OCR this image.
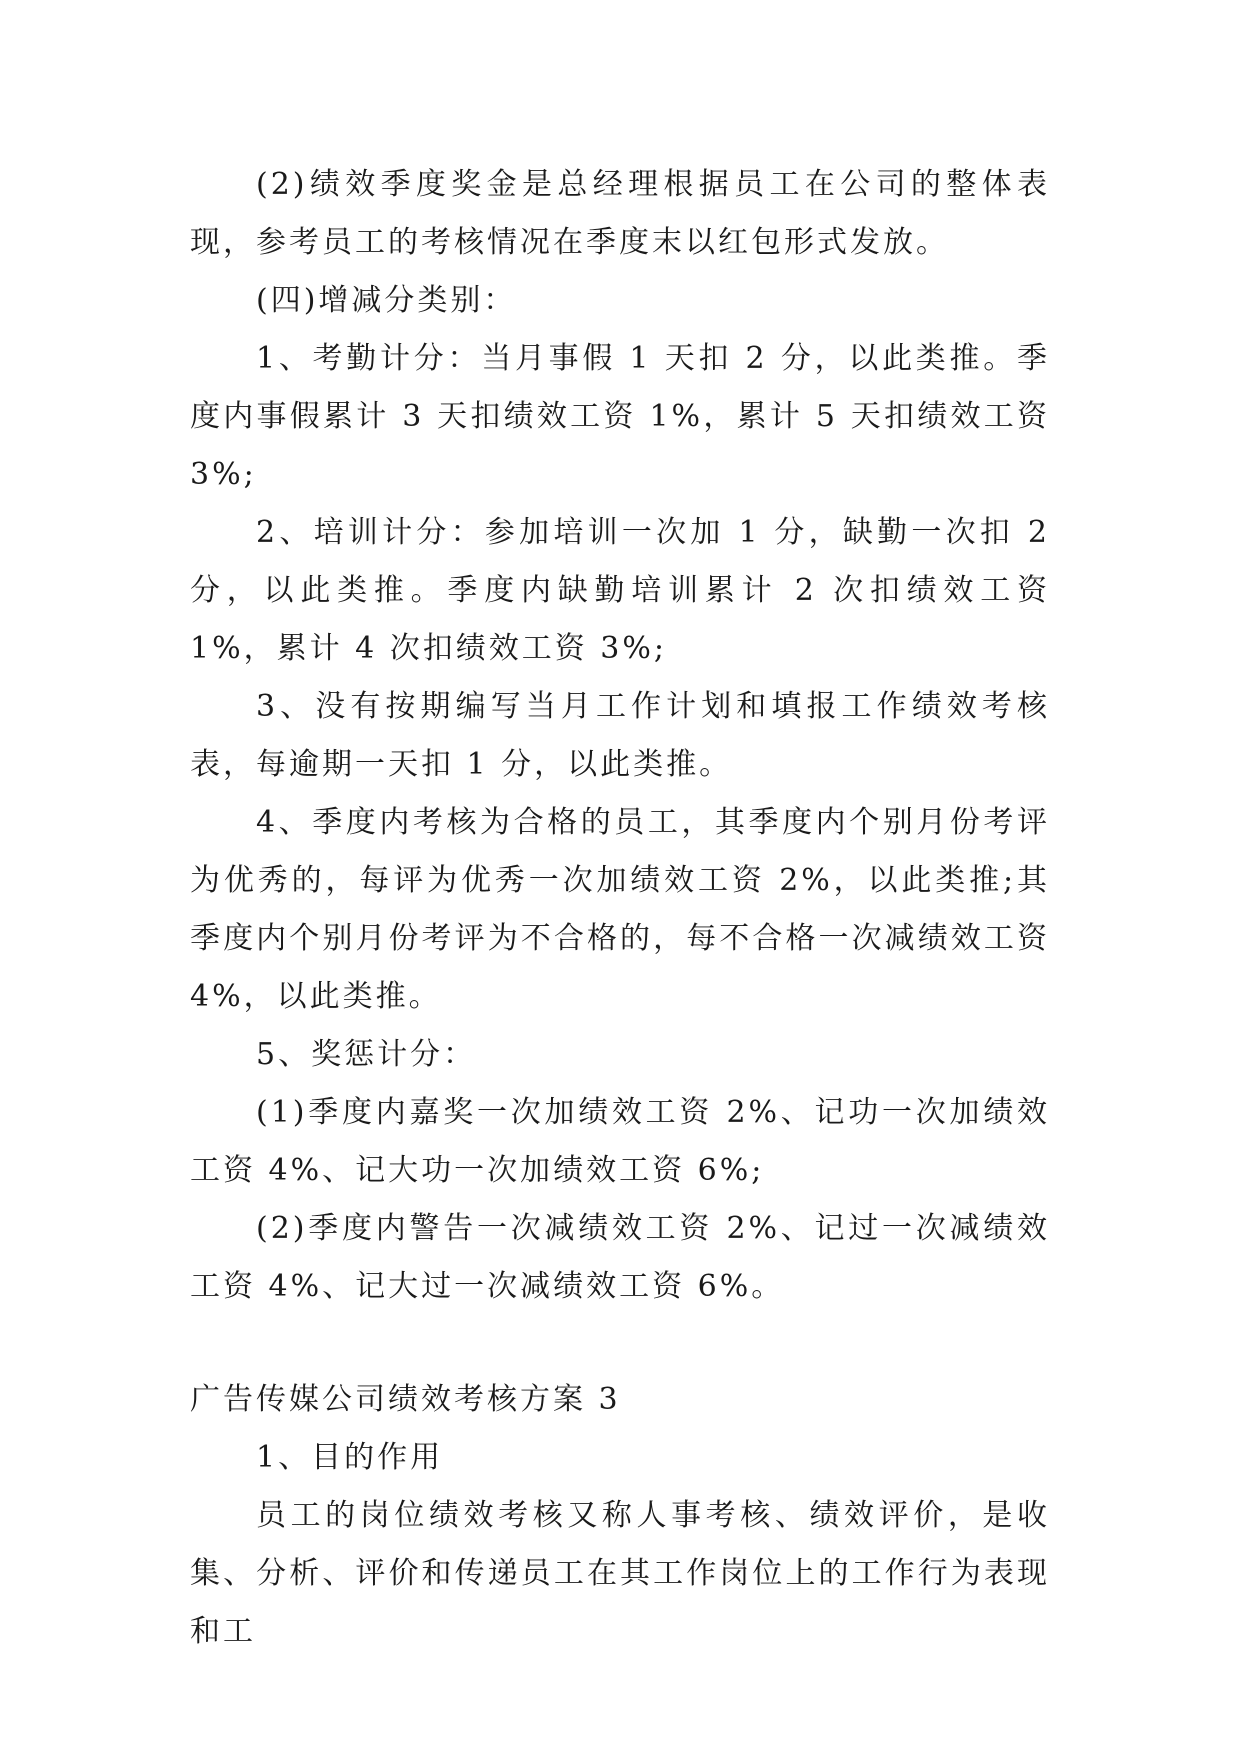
(2)绩效季度奖金是总经理根据员工在公司的整体表现，参考员工的考核情况在季度末以红包形式发放。

(四)增减分类别：

1、考勤计分：当月事假 1 天扣 2 分，以此类推。季度内事假累计 3 天扣绩效工资 1%，累计 5 天扣绩效工资 3%;

2、培训计分：参加培训一次加 1 分，缺勤一次扣 2 分，以此类推。季度内缺勤培训累计 2 次扣绩效工资 1%，累计 4 次扣绩效工资 3%;

3、没有按期编写当月工作计划和填报工作绩效考核表，每逾期一天扣 1 分，以此类推。

4、季度内考核为合格的员工，其季度内个别月份考评为优秀的，每评为优秀一次加绩效工资 2%，以此类推;其季度内个别月份考评为不合格的，每不合格一次减绩效工资 4%，以此类推。

5、奖惩计分：

(1)季度内嘉奖一次加绩效工资 2%、记功一次加绩效工资 4%、记大功一次加绩效工资 6%;

(2)季度内警告一次减绩效工资 2%、记过一次减绩效工资 4%、记大过一次减绩效工资 6%。

广告传媒公司绩效考核方案 3

1、目的作用

员工的岗位绩效考核又称人事考核、绩效评价，是收集、分析、评价和传递员工在其工作岗位上的工作行为表现和工
